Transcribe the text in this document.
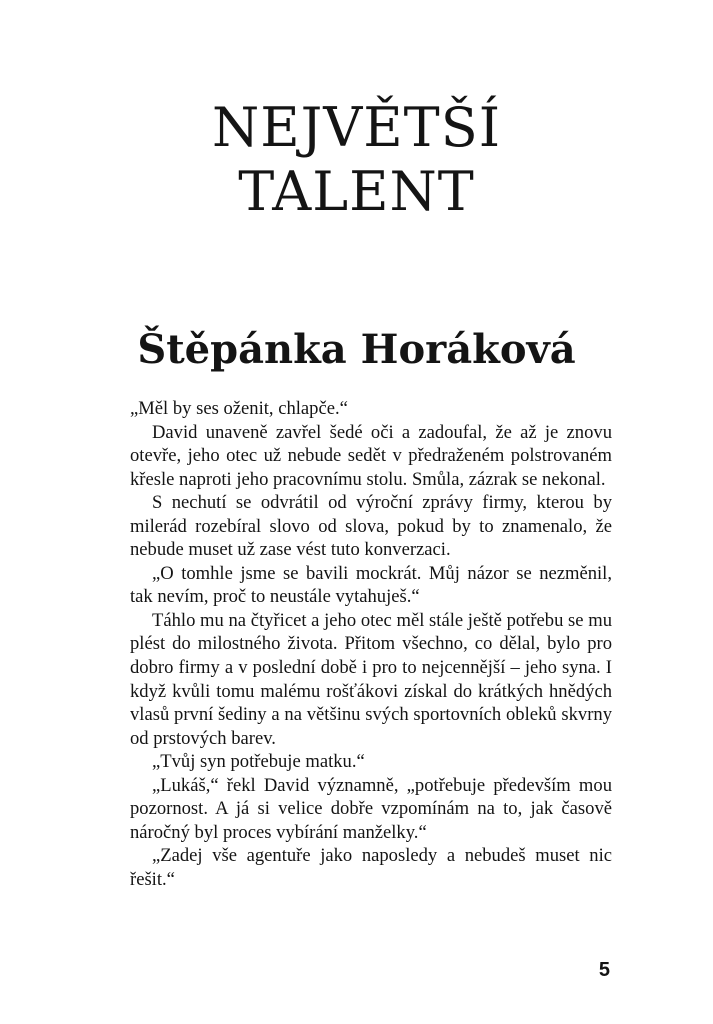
NEJVĚTŠÍ
TALENT
Štěpánka Horáková

„Měl by ses oženit, chlapče.“

David unaveně zavřel šedé oči a zadoufal, že až je znovu otevře, jeho otec už nebude sedět v předraženém polstrovaném křesle naproti jeho pracovnímu stolu. Smůla, zázrak se nekonal.

S nechutí se odvrátil od výroční zprávy firmy, kterou by milerád rozebíral slovo od slova, pokud by to znamenalo, že nebude muset už zase vést tuto konverzaci.

„O tomhle jsme se bavili mockrát. Můj názor se nezměnil, tak nevím, proč to neustále vytahuješ.“

Táhlo mu na čtyřicet a jeho otec měl stále ještě potřebu se mu plést do milostného života. Přitom všechno, co dělal, bylo pro dobro firmy a v poslední době i pro to nejcennější – jeho syna. I když kvůli tomu malému rošťákovi získal do krátkých hnědých vlasů první šediny a na většinu svých sportovních obleků skvrny od prstových barev.

„Tvůj syn potřebuje matku.“

„Lukáš,“ řekl David významně, „potřebuje především mou pozornost. A já si velice dobře vzpomínám na to, jak časově náročný byl proces vybírání manželky.“

„Zadej vše agentuře jako naposledy a nebudeš muset nic řešit.“

5
